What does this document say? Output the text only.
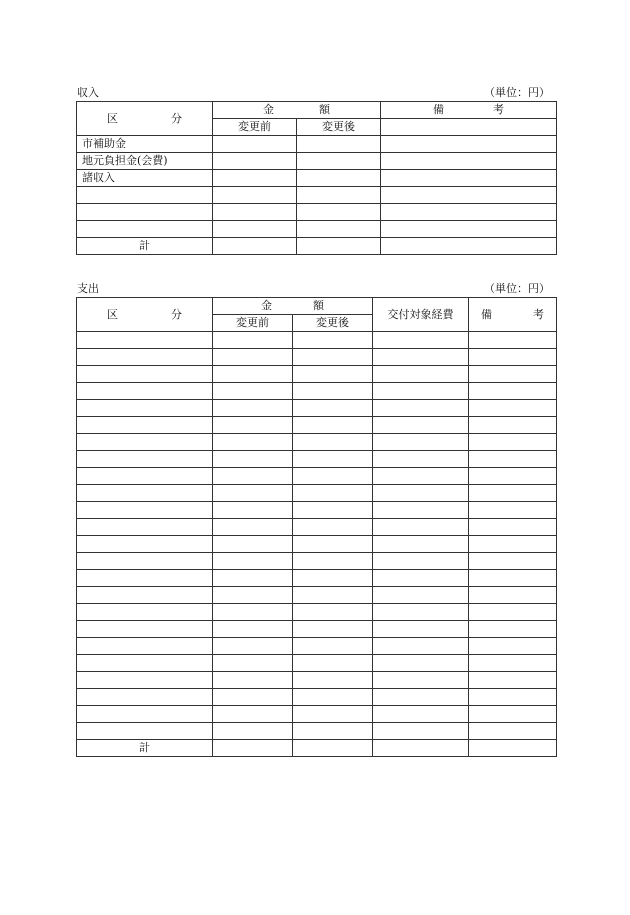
収入	（単位：円）
区 分	金 額		備 考

	変更前	変更後	
市補助金			
地元負担金(会費)			
諸収入			

計			
支出	（単位：円）
区 分	金 額		交付対象経費	備 考

	変更前	変更後		

計				
